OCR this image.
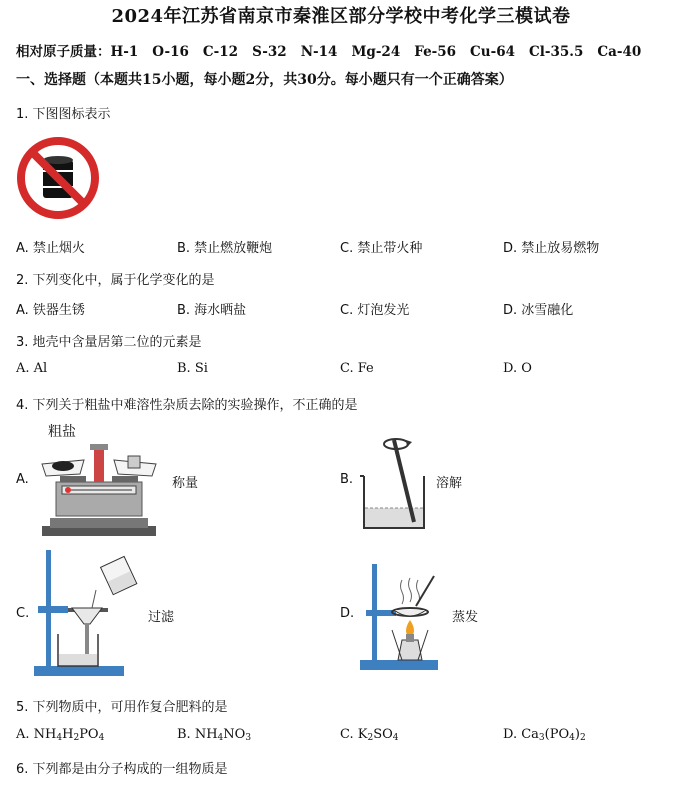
2024年江苏省南京市秦淮区部分学校中考化学三模试卷
相对原子质量：H-1 O-16 C-12 S-32 N-14 Mg-24 Fe-56 Cu-64 Cl-35.5 Ca-40
一、选择题（本题共15小题，每小题2分，共30分。每小题只有一个正确答案）
1. 下图图标表示
A. 禁止烟火	B. 禁止燃放鞭炮	C. 禁止带火种	D. 禁止放易燃物
2. 下列变化中，属于化学变化的是
A. 铁器生锈	B. 海水晒盐	C. 灯泡发光	D. 冰雪融化
3. 地壳中含量居第二位的元素是
A. Al	B. Si	C. Fe	D. O
4. 下列关于粗盐中难溶性杂质去除的实验操作，不正确的是
A.
粗盐
称量	B.	溶解
C.	过滤	D.	蒸发
5. 下列物质中，可用作复合肥料的是
A. $NH_4H_2PO_4$	B. $NH_4NO_3$	C. $K_2SO_4$	D. $Ca_3(PO_4)_2$
6. 下列都是由分子构成的一组物质是
